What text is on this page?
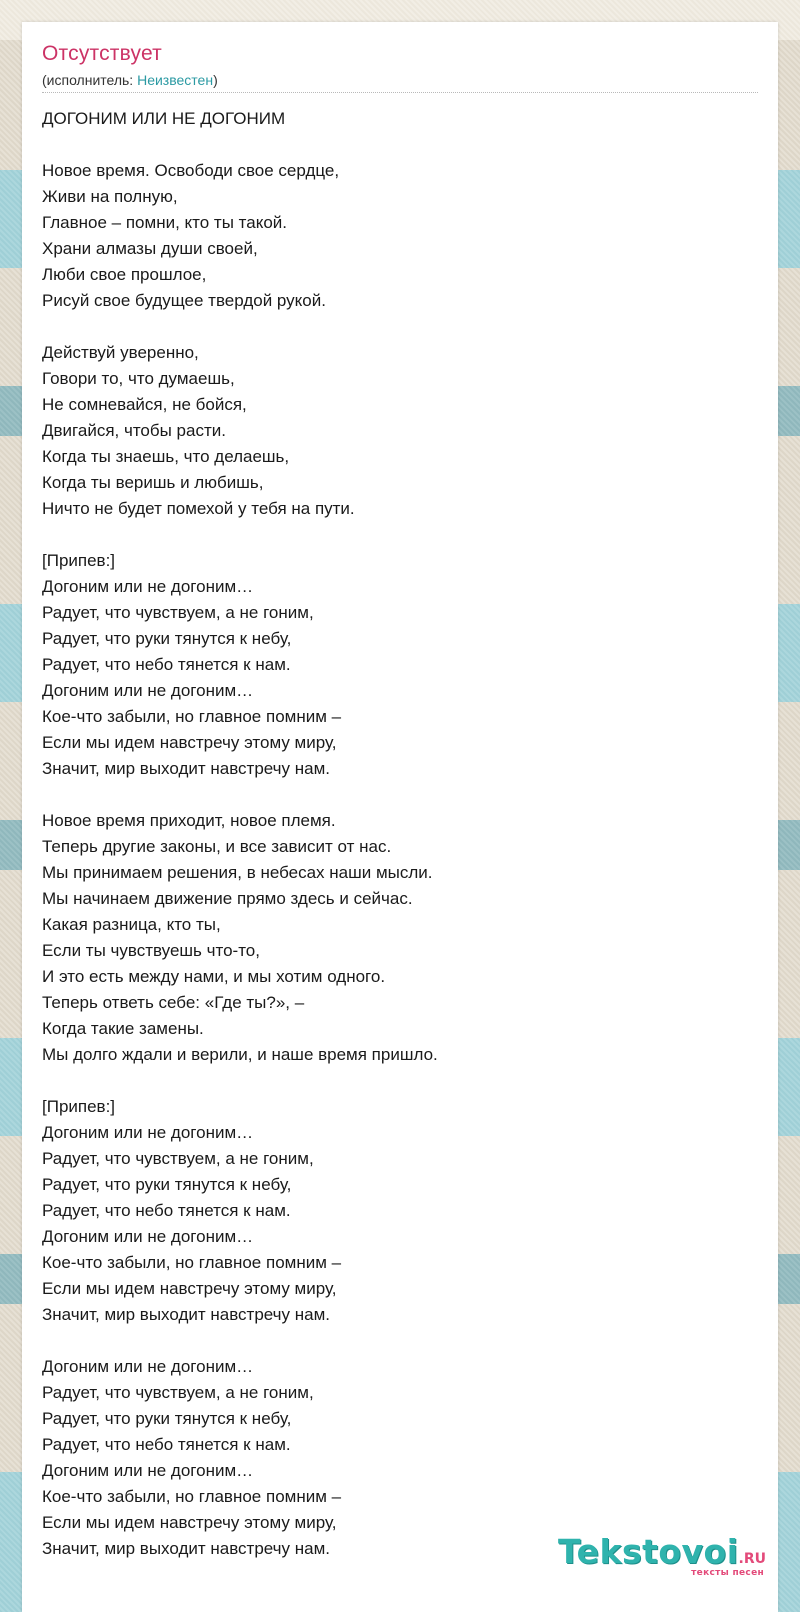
Отсутствует
(исполнитель: Неизвестен)
ДОГОНИМ ИЛИ НЕ ДОГОНИМ

Новое время. Освободи свое сердце,
Живи на полную,
Главное – помни, кто ты такой.
Храни алмазы души своей,
Люби свое прошлое,
Рисуй свое будущее твердой рукой.

Действуй уверенно,
Говори то, что думаешь,
Не сомневайся, не бойся,
Двигайся, чтобы расти.
Когда ты знаешь, что делаешь,
Когда ты веришь и любишь,
Ничто не будет помехой у тебя на пути.

[Припев:]
Догоним или не догоним…
Радует, что чувствуем, а не гоним,
Радует, что руки тянутся к небу,
Радует, что небо тянется к нам.
Догоним или не догоним…
Кое-что забыли, но главное помним –
Если мы идем навстречу этому миру,
Значит, мир выходит навстречу нам.

Новое время приходит, новое племя.
Теперь другие законы, и все зависит от нас.
Мы принимаем решения, в небесах наши мысли.
Мы начинаем движение прямо здесь и сейчас.
Какая разница, кто ты,
Если ты чувствуешь что-то,
И это есть между нами, и мы хотим одного.
Теперь ответь себе: «Где ты?», –
Когда такие замены.
Мы долго ждали и верили, и наше время пришло.

[Припев:]
Догоним или не догоним…
Радует, что чувствуем, а не гоним,
Радует, что руки тянутся к небу,
Радует, что небо тянется к нам.
Догоним или не догоним…
Кое-что забыли, но главное помним –
Если мы идем навстречу этому миру,
Значит, мир выходит навстречу нам.

Догоним или не догоним…
Радует, что чувствуем, а не гоним,
Радует, что руки тянутся к небу,
Радует, что небо тянется к нам.
Догоним или не догоним…
Кое-что забыли, но главное помним –
Если мы идем навстречу этому миру,
Значит, мир выходит навстречу нам.	Tekstovoi.RU
тексты песен
